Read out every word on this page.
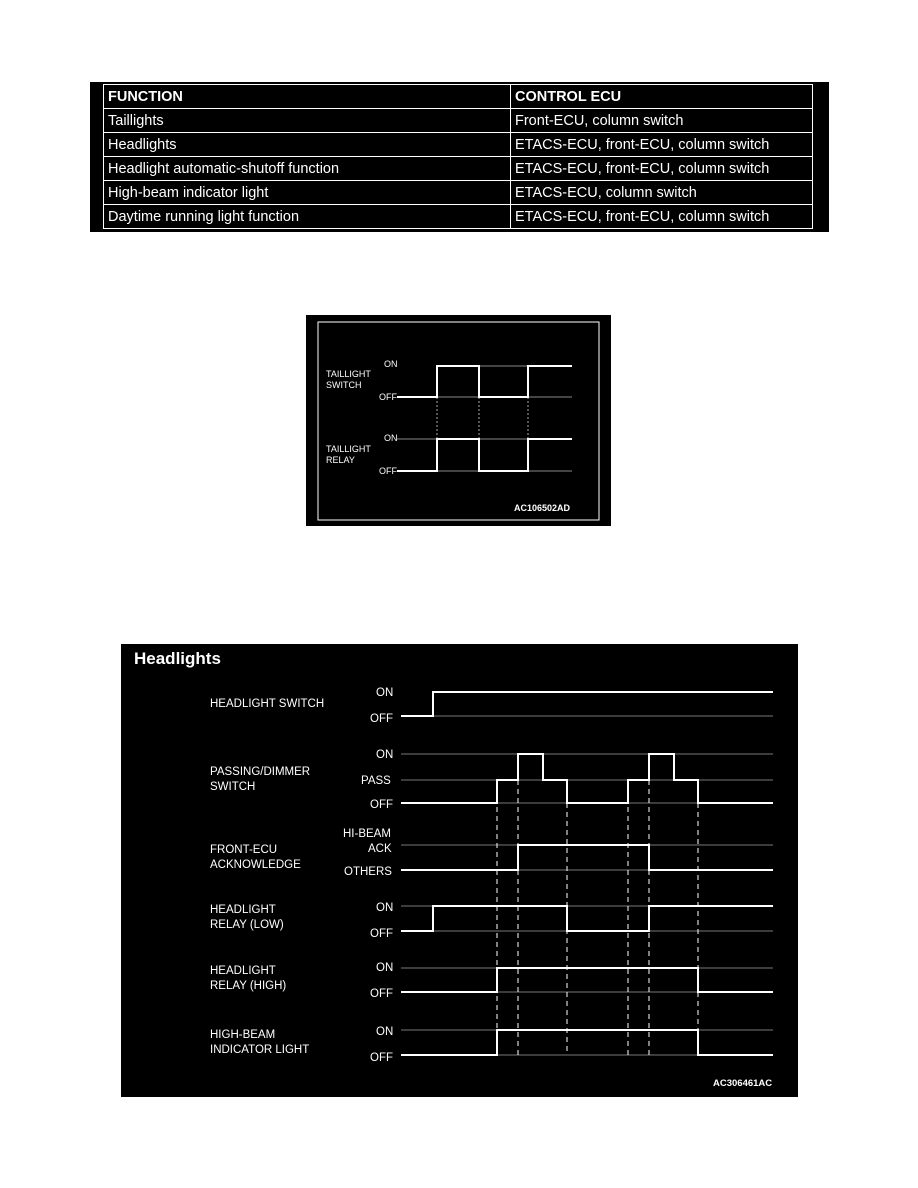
FUNCTION	CONTROL ECU
Taillights	Front-ECU, column switch
Headlights	ETACS-ECU, front-ECU, column switch
Headlight automatic-shutoff function	ETACS-ECU, front-ECU, column switch
High-beam indicator light	ETACS-ECU, column switch
Daytime running light function	ETACS-ECU, front-ECU, column switch
TAILLIGHT
SWITCH
ON
OFF
TAILLIGHT
RELAY
ON
OFF
AC106502AD
Headlights
HEADLIGHT SWITCH
PASSING/DIMMER
SWITCH
FRONT-ECU
ACKNOWLEDGE
HEADLIGHT
RELAY (LOW)
HEADLIGHT
RELAY (HIGH)
HIGH-BEAM
INDICATOR LIGHT
ON
OFF
ON
PASS
OFF
HI-BEAM
ACK
OTHERS
ON
OFF
ON
OFF
ON
OFF
AC306461AC
